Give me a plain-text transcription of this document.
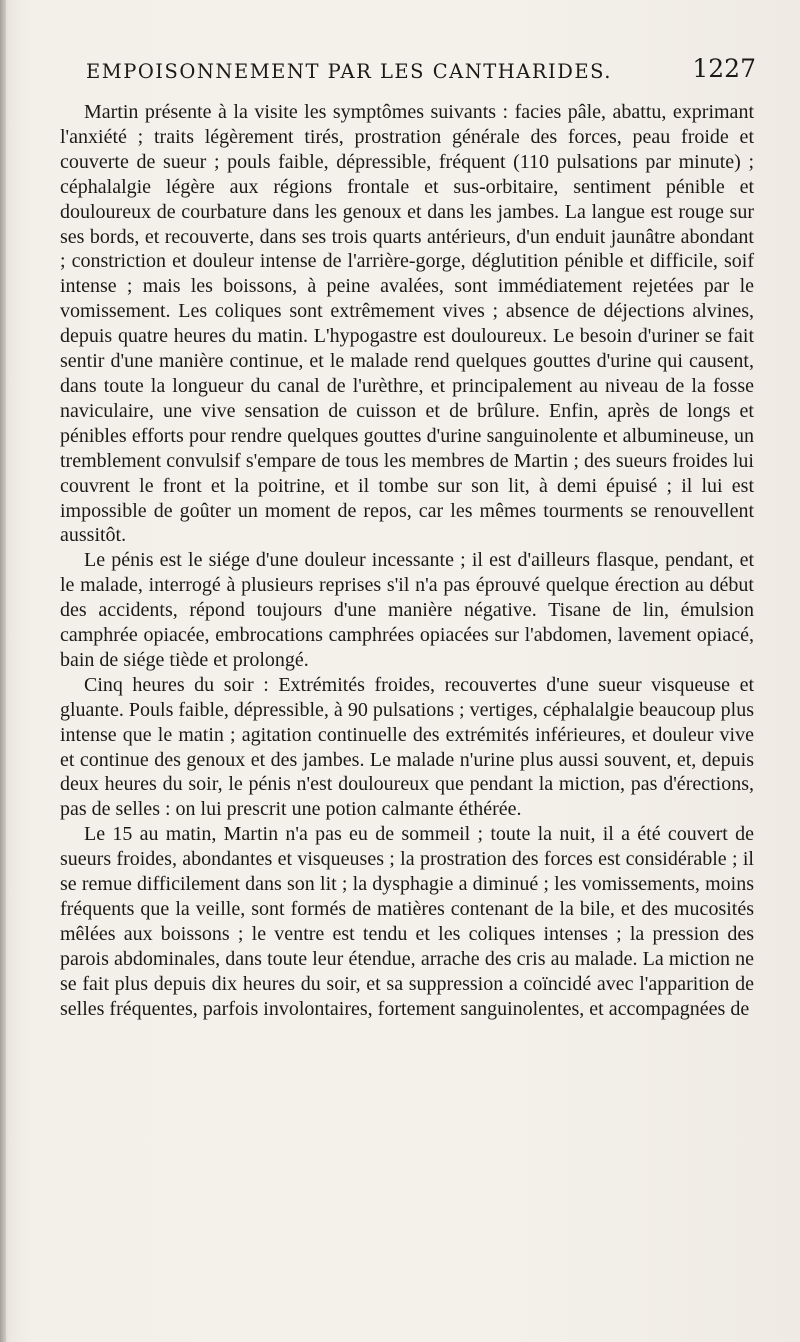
EMPOISONNEMENT PAR LES CANTHARIDES.	1227

Martin présente à la visite les symptômes suivants : facies pâle, abattu, exprimant l'anxiété ; traits légèrement tirés, prostration générale des forces, peau froide et couverte de sueur ; pouls faible, dépressible, fréquent (110 pulsations par minute) ; céphalalgie légère aux régions frontale et sus-orbitaire, sentiment pénible et douloureux de courbature dans les genoux et dans les jambes. La langue est rouge sur ses bords, et recouverte, dans ses trois quarts antérieurs, d'un enduit jaunâtre abondant ; constriction et douleur intense de l'arrière-gorge, déglutition pénible et difficile, soif intense ; mais les boissons, à peine avalées, sont immédiatement rejetées par le vomissement. Les coliques sont extrêmement vives ; absence de déjections alvines, depuis quatre heures du matin. L'hypogastre est douloureux. Le besoin d'uriner se fait sentir d'une manière continue, et le malade rend quelques gouttes d'urine qui causent, dans toute la longueur du canal de l'urèthre, et principalement au niveau de la fosse naviculaire, une vive sensation de cuisson et de brûlure. Enfin, après de longs et pénibles efforts pour rendre quelques gouttes d'urine sanguinolente et albumineuse, un tremblement convulsif s'empare de tous les membres de Martin ; des sueurs froides lui couvrent le front et la poitrine, et il tombe sur son lit, à demi épuisé ; il lui est impossible de goûter un moment de repos, car les mêmes tourments se renouvellent aussitôt.

Le pénis est le siége d'une douleur incessante ; il est d'ailleurs flasque, pendant, et le malade, interrogé à plusieurs reprises s'il n'a pas éprouvé quelque érection au début des accidents, répond toujours d'une manière négative. Tisane de lin, émulsion camphrée opiacée, embrocations camphrées opiacées sur l'abdomen, lavement opiacé, bain de siége tiède et prolongé.

Cinq heures du soir : Extrémités froides, recouvertes d'une sueur visqueuse et gluante. Pouls faible, dépressible, à 90 pulsations ; vertiges, céphalalgie beaucoup plus intense que le matin ; agitation continuelle des extrémités inférieures, et douleur vive et continue des genoux et des jambes. Le malade n'urine plus aussi souvent, et, depuis deux heures du soir, le pénis n'est douloureux que pendant la miction, pas d'érections, pas de selles : on lui prescrit une potion calmante éthérée.

Le 15 au matin, Martin n'a pas eu de sommeil ; toute la nuit, il a été couvert de sueurs froides, abondantes et visqueuses ; la prostration des forces est considérable ; il se remue difficilement dans son lit ; la dysphagie a diminué ; les vomissements, moins fréquents que la veille, sont formés de matières contenant de la bile, et des mucosités mêlées aux boissons ; le ventre est tendu et les coliques intenses ; la pression des parois abdominales, dans toute leur étendue, arrache des cris au malade. La miction ne se fait plus depuis dix heures du soir, et sa suppression a coïncidé avec l'apparition de selles fréquentes, parfois involontaires, fortement sanguinolentes, et accompagnées de
